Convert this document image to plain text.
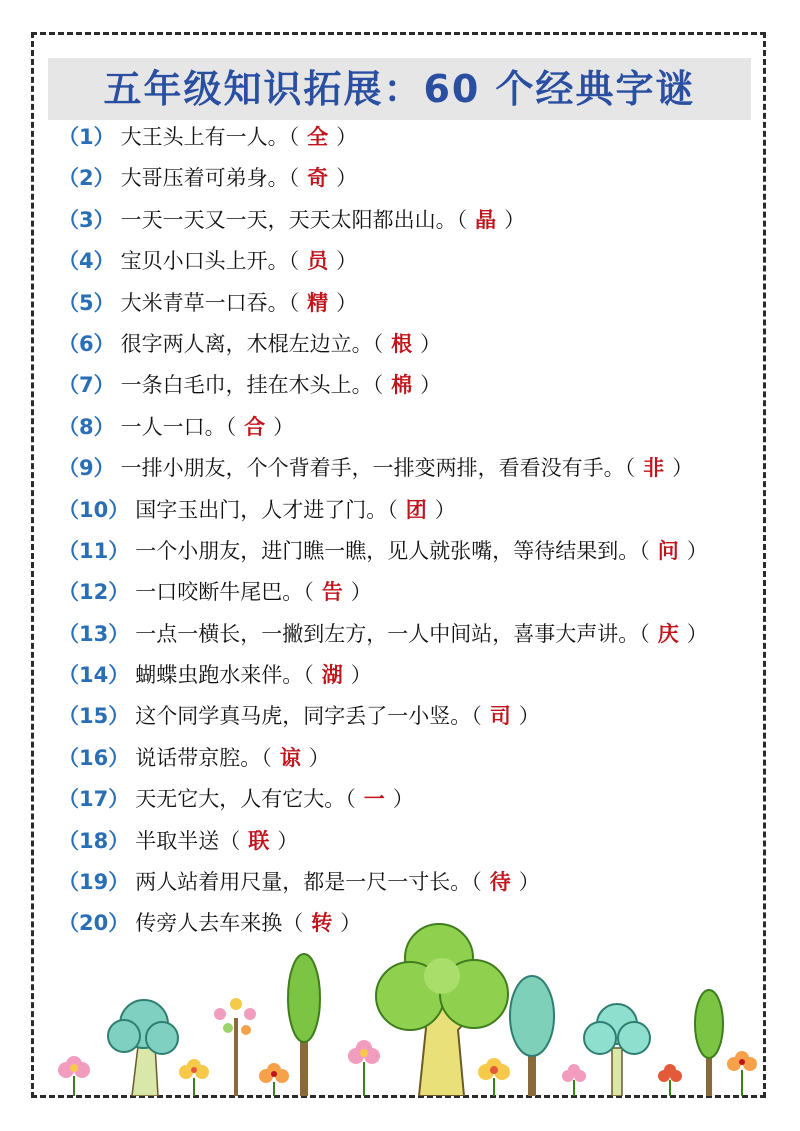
五年级知识拓展：60 个经典字谜
（1） 大王头上有一人。（ 全 ）
（2） 大哥压着可弟身。（ 奇 ）
（3） 一天一天又一天，天天太阳都出山。（ 晶 ）
（4） 宝贝小口头上开。（ 员 ）
（5） 大米青草一口吞。（ 精 ）
（6） 很字两人离，木棍左边立。（ 根 ）
（7） 一条白毛巾，挂在木头上。（ 棉 ）
（8） 一人一口。（ 合 ）
（9） 一排小朋友，个个背着手，一排变两排，看看没有手。（ 非 ）
（10） 国字玉出门，人才进了门。（ 团 ）
（11） 一个小朋友，进门瞧一瞧，见人就张嘴，等待结果到。（ 问 ）
（12） 一口咬断牛尾巴。（ 告 ）
（13） 一点一横长，一撇到左方，一人中间站，喜事大声讲。（ 庆 ）
（14） 蝴蝶虫跑水来伴。（ 湖 ）
（15） 这个同学真马虎，同字丢了一小竖。（ 司 ）
（16） 说话带京腔。（ 谅 ）
（17） 天无它大，人有它大。（ 一 ）
（18） 半取半送（ 联 ）
（19） 两人站着用尺量，都是一尺一寸长。（ 待 ）
（20） 传旁人去车来换（ 转 ）
